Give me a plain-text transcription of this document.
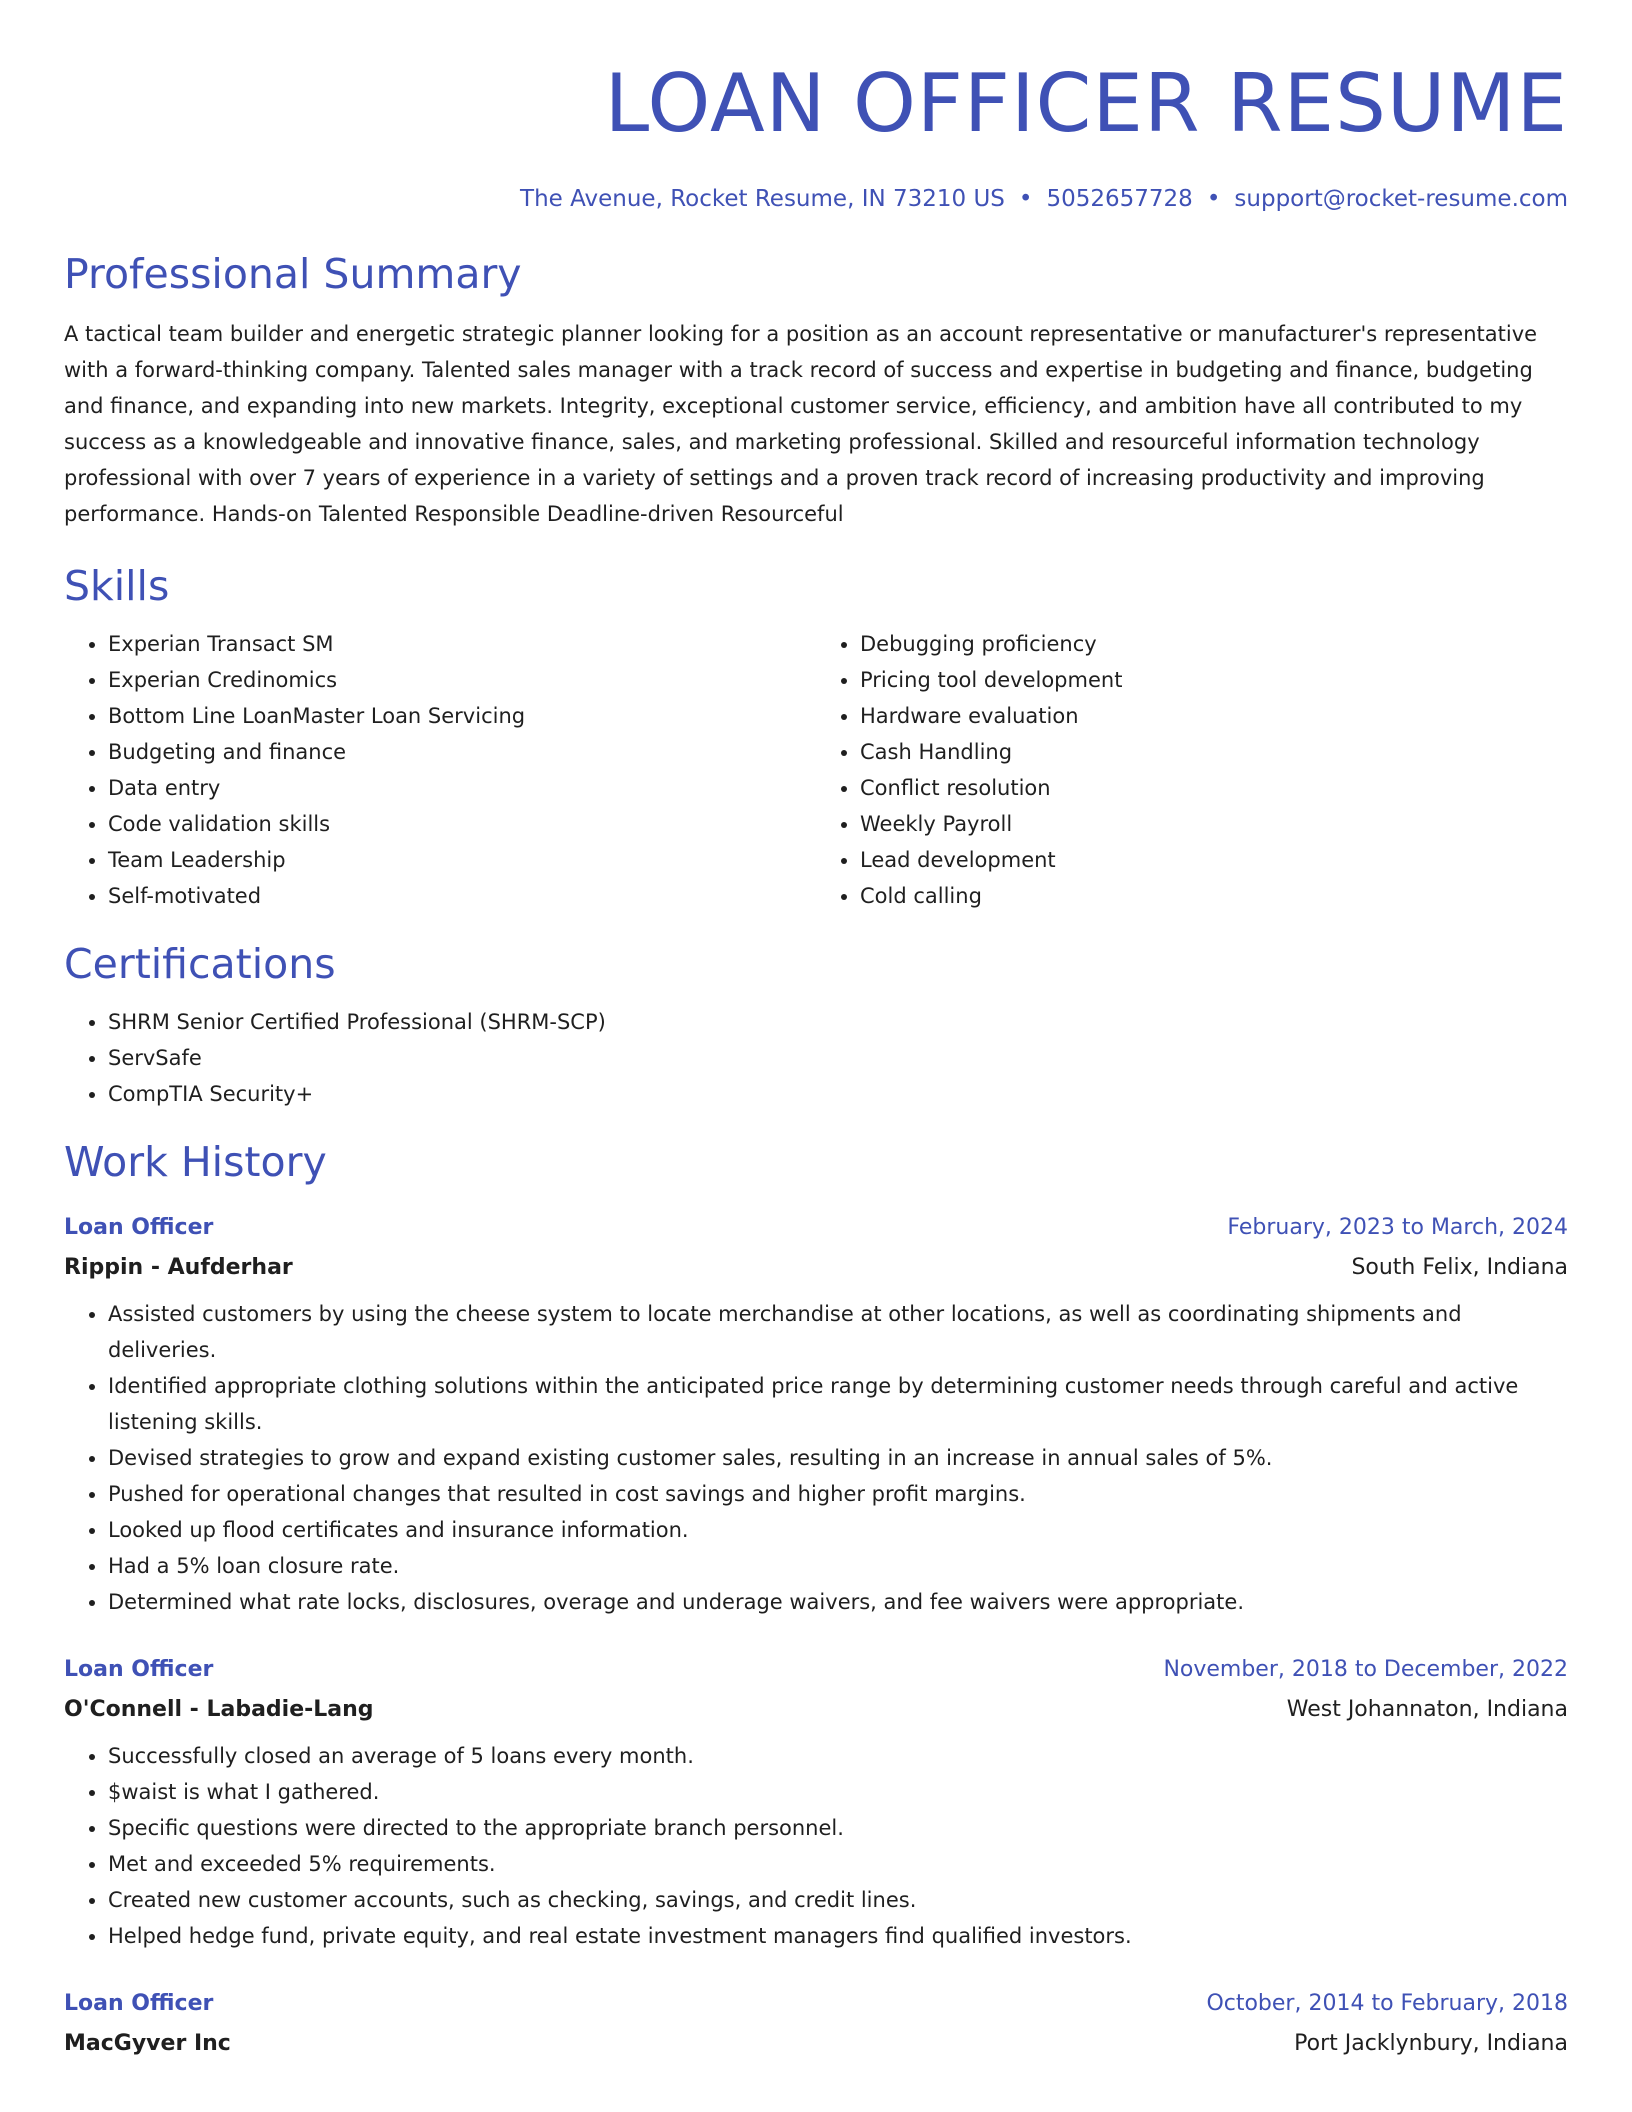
LOAN OFFICER RESUME
The Avenue, Rocket Resume, IN 73210 US • 5052657728 • support@rocket-resume.com
Professional Summary

A tactical team builder and energetic strategic planner looking for a position as an account representative or manufacturer's representative with a forward-thinking company. Talented sales manager with a track record of success and expertise in budgeting and finance, budgeting and finance, and expanding into new markets. Integrity, exceptional customer service, efficiency, and ambition have all contributed to my success as a knowledgeable and innovative finance, sales, and marketing professional. Skilled and resourceful information technology professional with over 7 years of experience in a variety of settings and a proven track record of increasing productivity and improving performance. Hands-on Talented Responsible Deadline-driven Resourceful

Skills
• Experian Transact SM
• Experian Credinomics
• Bottom Line LoanMaster Loan Servicing
• Budgeting and finance
• Data entry
• Code validation skills
• Team Leadership
• Self-motivated
• Debugging proficiency
• Pricing tool development
• Hardware evaluation
• Cash Handling
• Conflict resolution
• Weekly Payroll
• Lead development
• Cold calling
Certifications
• SHRM Senior Certified Professional (SHRM-SCP)
• ServSafe
• CompTIA Security+
Work History
Loan Officer	February, 2023 to March, 2024
Rippin - Aufderhar	South Felix, Indiana
• Assisted customers by using the cheese system to locate merchandise at other locations, as well as coordinating shipments and deliveries.
• Identified appropriate clothing solutions within the anticipated price range by determining customer needs through careful and active listening skills.
• Devised strategies to grow and expand existing customer sales, resulting in an increase in annual sales of 5%.
• Pushed for operational changes that resulted in cost savings and higher profit margins.
• Looked up flood certificates and insurance information.
• Had a 5% loan closure rate.
• Determined what rate locks, disclosures, overage and underage waivers, and fee waivers were appropriate.
Loan Officer	November, 2018 to December, 2022
O'Connell - Labadie-Lang	West Johannaton, Indiana
• Successfully closed an average of 5 loans every month.
• $waist is what I gathered.
• Specific questions were directed to the appropriate branch personnel.
• Met and exceeded 5% requirements.
• Created new customer accounts, such as checking, savings, and credit lines.
• Helped hedge fund, private equity, and real estate investment managers find qualified investors.
Loan Officer	October, 2014 to February, 2018
MacGyver Inc	Port Jacklynbury, Indiana
